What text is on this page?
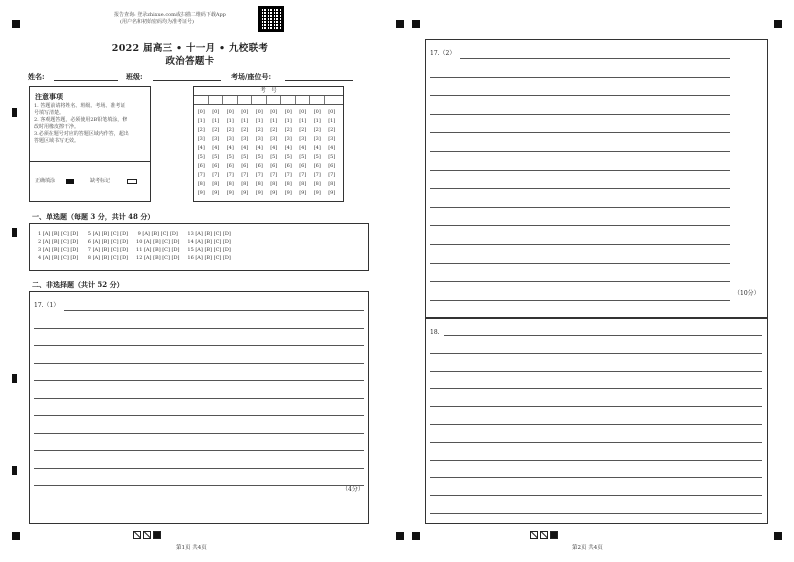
报告查询: 登录zhixue.com或扫描二维码下载App
(用户名和初始密码均为准考证号)
2022 届高三 • 十一月 • 九校联考
政治答题卡
姓名:	班级:	考场/座位号:
注意事项
1. 答题前请将姓名、班级、考场、准考证
号填写清楚。
2. 客观题答题，必须使用2B铅笔填涂，修
改时用橡皮擦干净。
3.必须在题号对应的答题区域内作答，超出
答题区域书写无效。
正确填涂	缺考标记
考　号
[0]	[0]	[0]	[0]	[0]	[0]	[0]	[0]	[0]	[0]
[1]	[1]	[1]	[1]	[1]	[1]	[1]	[1]	[1]	[1]
[2]	[2]	[2]	[2]	[2]	[2]	[2]	[2]	[2]	[2]
[3]	[3]	[3]	[3]	[3]	[3]	[3]	[3]	[3]	[3]
[4]	[4]	[4]	[4]	[4]	[4]	[4]	[4]	[4]	[4]
[5]	[5]	[5]	[5]	[5]	[5]	[5]	[5]	[5]	[5]
[6]	[6]	[6]	[6]	[6]	[6]	[6]	[6]	[6]	[6]
[7]	[7]	[7]	[7]	[7]	[7]	[7]	[7]	[7]	[7]
[8]	[8]	[8]	[8]	[8]	[8]	[8]	[8]	[8]	[8]
[9]	[9]	[9]	[9]	[9]	[9]	[9]	[9]	[9]	[9]
一、单选题（每题 3 分，共计 48 分）
1 [A] [B] [C] [D]      5 [A] [B] [C] [D]      9 [A] [B] [C] [D]      13 [A] [B] [C] [D]
2 [A] [B] [C] [D]      6 [A] [B] [C] [D]     10 [A] [B] [C] [D]     14 [A] [B] [C] [D]
3 [A] [B] [C] [D]      7 [A] [B] [C] [D]     11 [A] [B] [C] [D]     15 [A] [B] [C] [D]
4 [A] [B] [C] [D]      8 [A] [B] [C] [D]     12 [A] [B] [C] [D]     16 [A] [B] [C] [D]
二、非选择题（共计 52 分）
17.（1）
（4分）

第1页 共4页
17.（2）
（10分）
18.

第2页 共4页
